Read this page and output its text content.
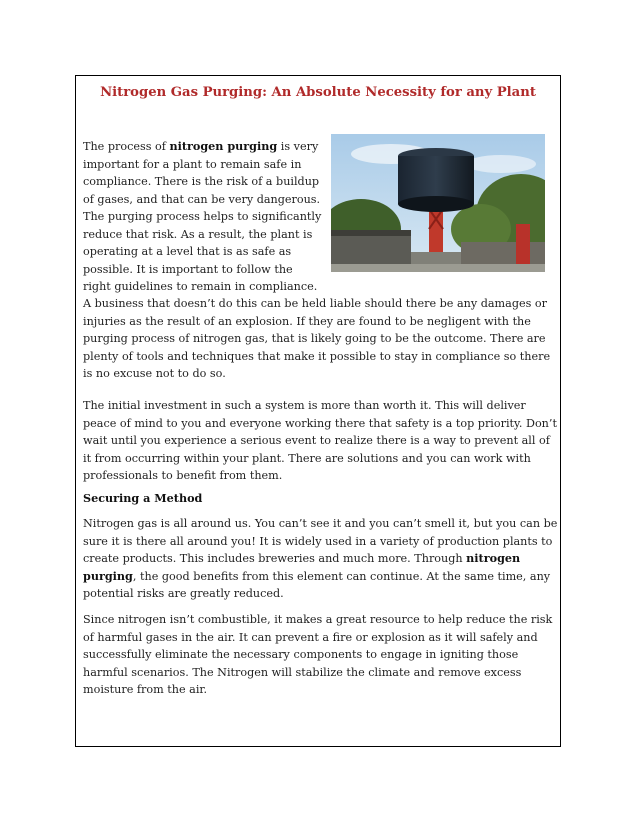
Nitrogen Gas Purging: An Absolute Necessity for any Plant
The process of nitrogen purging is very important for a plant to remain safe in compliance. There is the risk of a buildup of gases, and that can be very dangerous. The purging process helps to significantly reduce that risk. As a result, the plant is operating at a level that is as safe as possible. It is important to follow the right guidelines to remain in compliance.
A business that doesn’t do this can be held liable should there be any damages or injuries as the result of an explosion. If they are found to be negligent with the purging process of nitrogen gas, that is likely going to be the outcome. There are plenty of tools and techniques that make it possible to stay in compliance so there is no excuse not to do so.
The initial investment in such a system is more than worth it. This will deliver peace of mind to you and everyone working there that safety is a top priority. Don’t wait until you experience a serious event to realize there is a way to prevent all of it from occurring within your plant. There are solutions and you can work with professionals to benefit from them.
Securing a Method
Nitrogen gas is all around us. You can’t see it and you can’t smell it, but you can be sure it is there all around you! It is widely used in a variety of production plants to create products. This includes breweries and much more. Through nitrogen purging, the good benefits from this element can continue. At the same time, any potential risks are greatly reduced.
Since nitrogen isn’t combustible, it makes a great resource to help reduce the risk of harmful gases in the air. It can prevent a fire or explosion as it will safely and successfully eliminate the necessary components to engage in igniting those harmful scenarios. The Nitrogen will stabilize the climate and remove excess moisture from the air.
